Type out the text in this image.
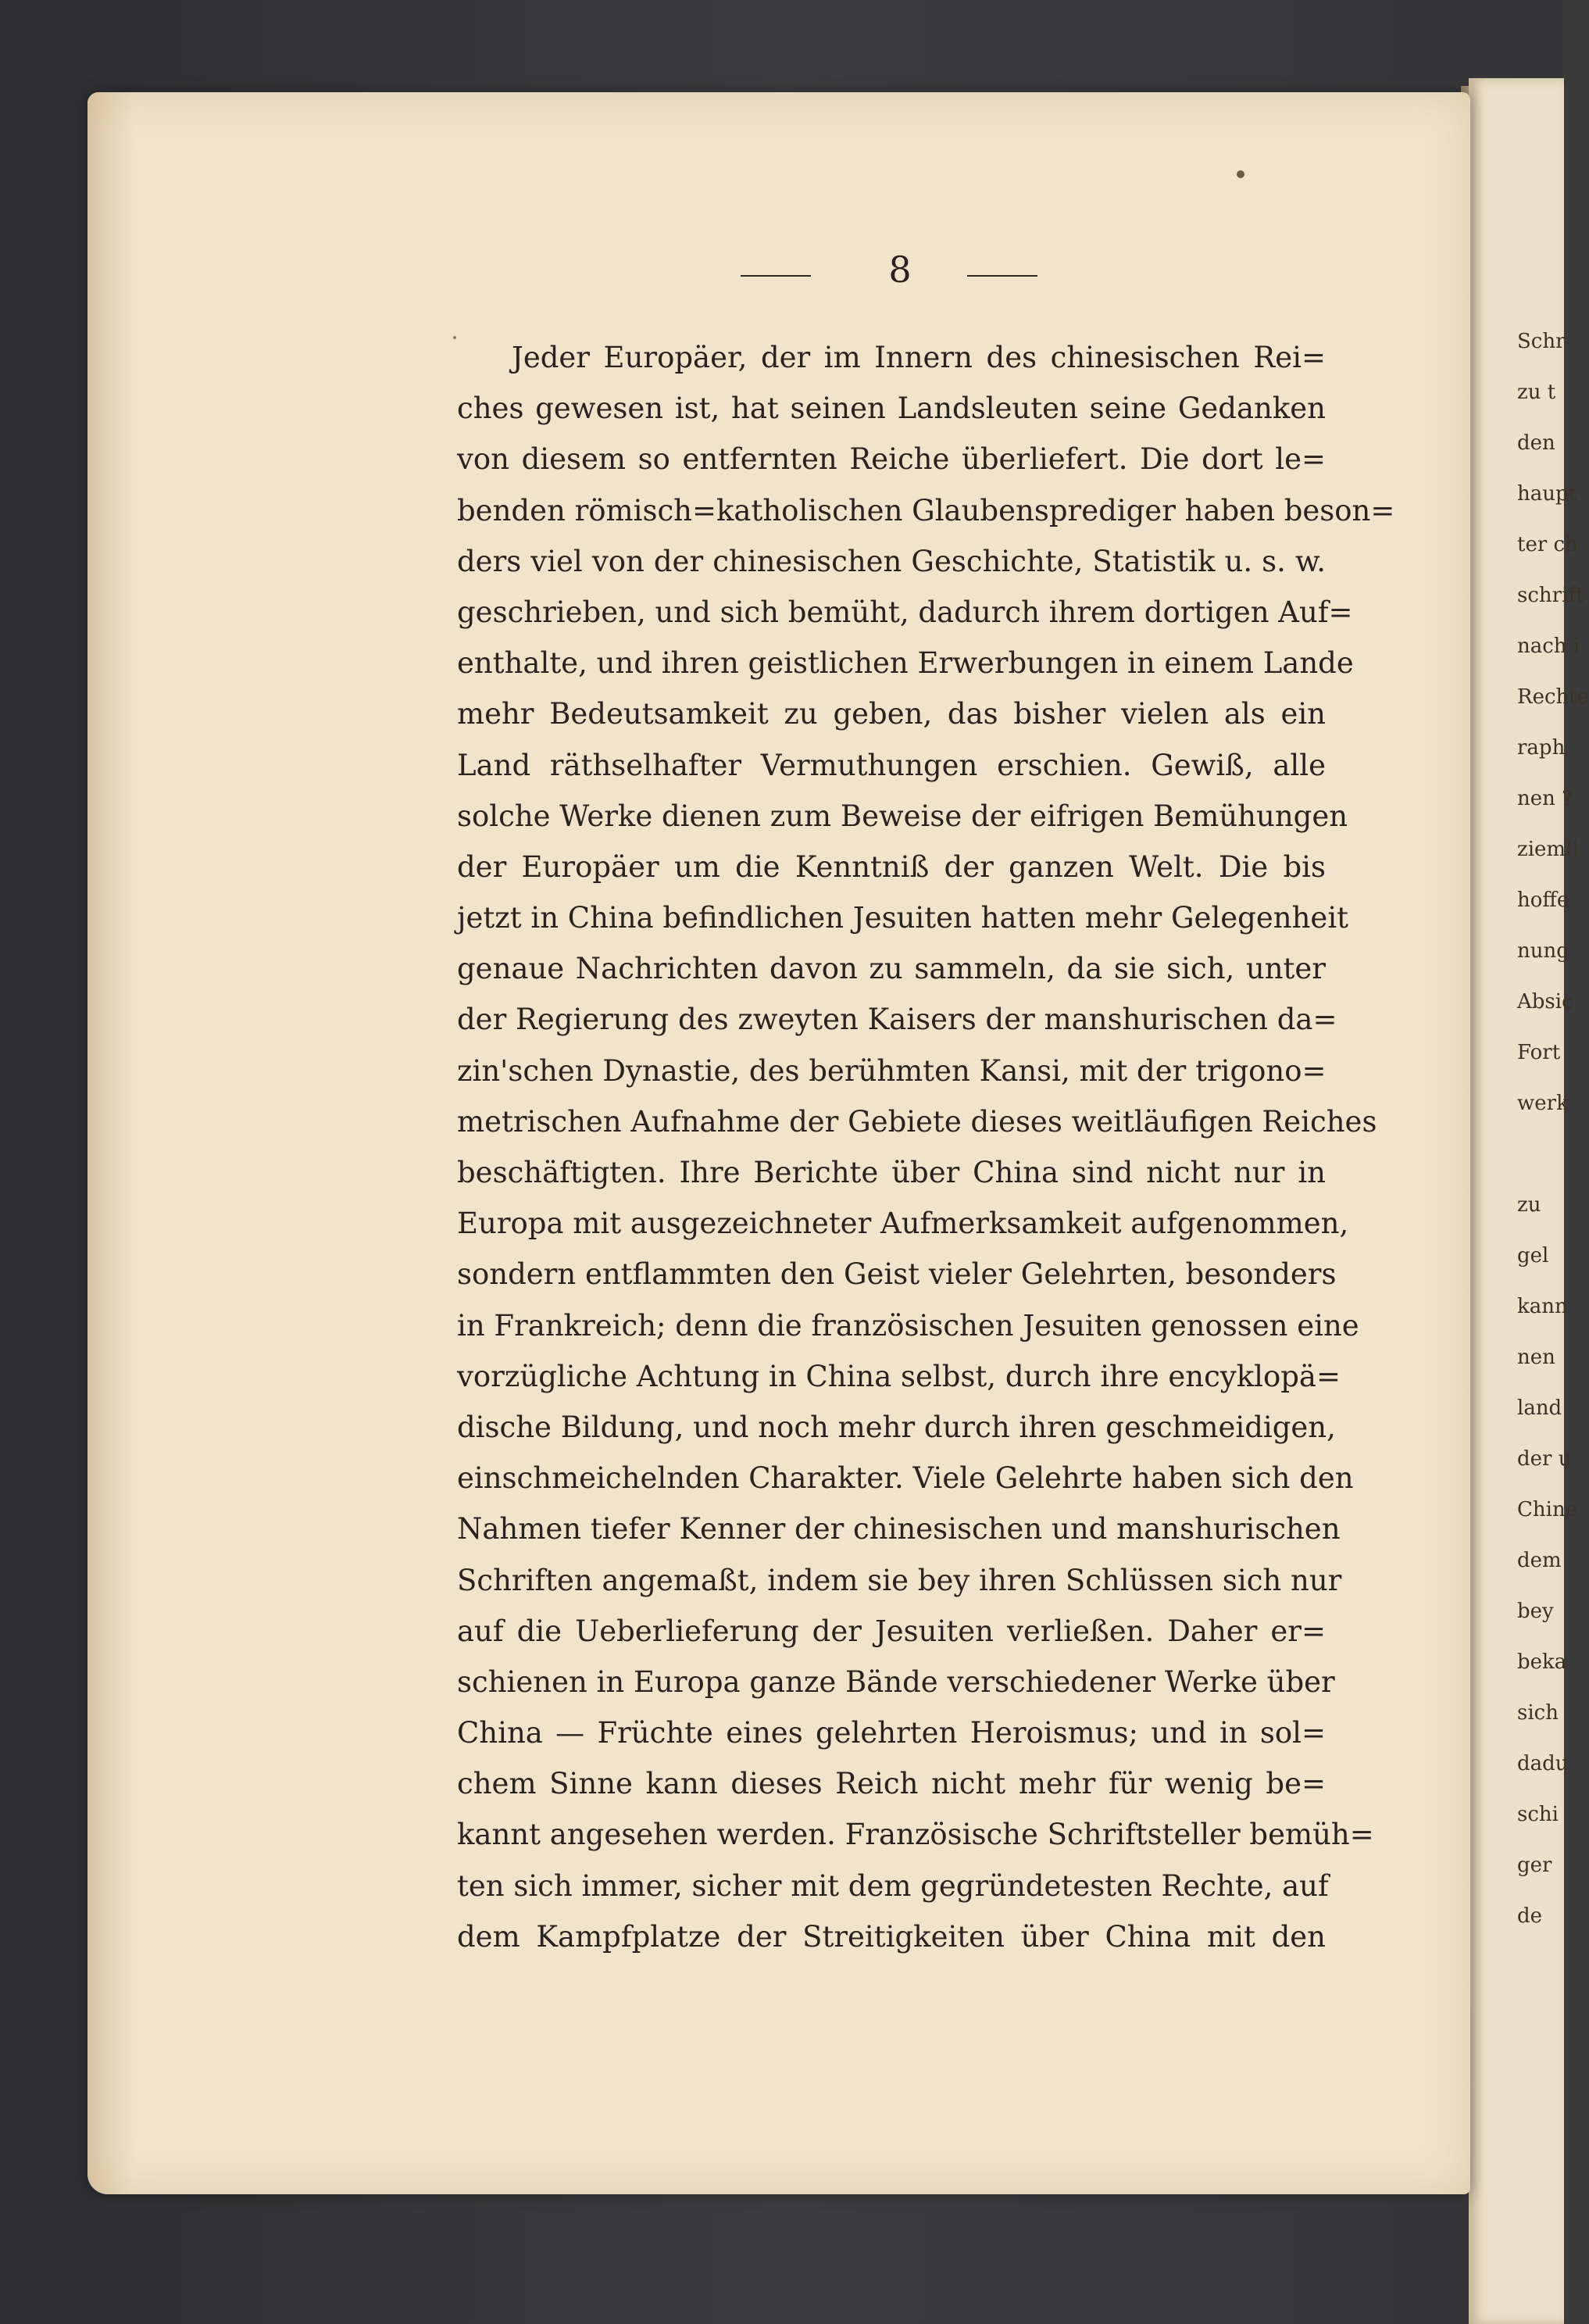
Schr
zu t
den
haupt
ter ch
schrift
nach i
Rechte
raph
nen ?
ziemli
hoffe
nung
Absic
Fort
werk
zu
gel
kann
nen
land
der u
Chine
dem
bey
beka
sich
dadu
schi
ger
de
8
Jeder Europäer, der im Innern des chinesischen Rei=
ches gewesen ist, hat seinen Landsleuten seine Gedanken
von diesem so entfernten Reiche überliefert. Die dort le=
benden römisch=katholischen Glaubensprediger haben beson=
ders viel von der chinesischen Geschichte, Statistik u. s. w.
geschrieben, und sich bemüht, dadurch ihrem dortigen Auf=
enthalte, und ihren geistlichen Erwerbungen in einem Lande
mehr Bedeutsamkeit zu geben, das bisher vielen als ein
Land räthselhafter Vermuthungen erschien. Gewiß, alle
solche Werke dienen zum Beweise der eifrigen Bemühungen
der Europäer um die Kenntniß der ganzen Welt. Die bis
jetzt in China befindlichen Jesuiten hatten mehr Gelegenheit
genaue Nachrichten davon zu sammeln, da sie sich, unter
der Regierung des zweyten Kaisers der manshurischen da=
zin'schen Dynastie, des berühmten Kansi, mit der trigono=
metrischen Aufnahme der Gebiete dieses weitläufigen Reiches
beschäftigten. Ihre Berichte über China sind nicht nur in
Europa mit ausgezeichneter Aufmerksamkeit aufgenommen,
sondern entflammten den Geist vieler Gelehrten, besonders
in Frankreich; denn die französischen Jesuiten genossen eine
vorzügliche Achtung in China selbst, durch ihre encyklopä=
dische Bildung, und noch mehr durch ihren geschmeidigen,
einschmeichelnden Charakter. Viele Gelehrte haben sich den
Nahmen tiefer Kenner der chinesischen und manshurischen
Schriften angemaßt, indem sie bey ihren Schlüssen sich nur
auf die Ueberlieferung der Jesuiten verließen. Daher er=
schienen in Europa ganze Bände verschiedener Werke über
China — Früchte eines gelehrten Heroismus; und in sol=
chem Sinne kann dieses Reich nicht mehr für wenig be=
kannt angesehen werden. Französische Schriftsteller bemüh=
ten sich immer, sicher mit dem gegründetesten Rechte, auf
dem Kampfplatze der Streitigkeiten über China mit den
